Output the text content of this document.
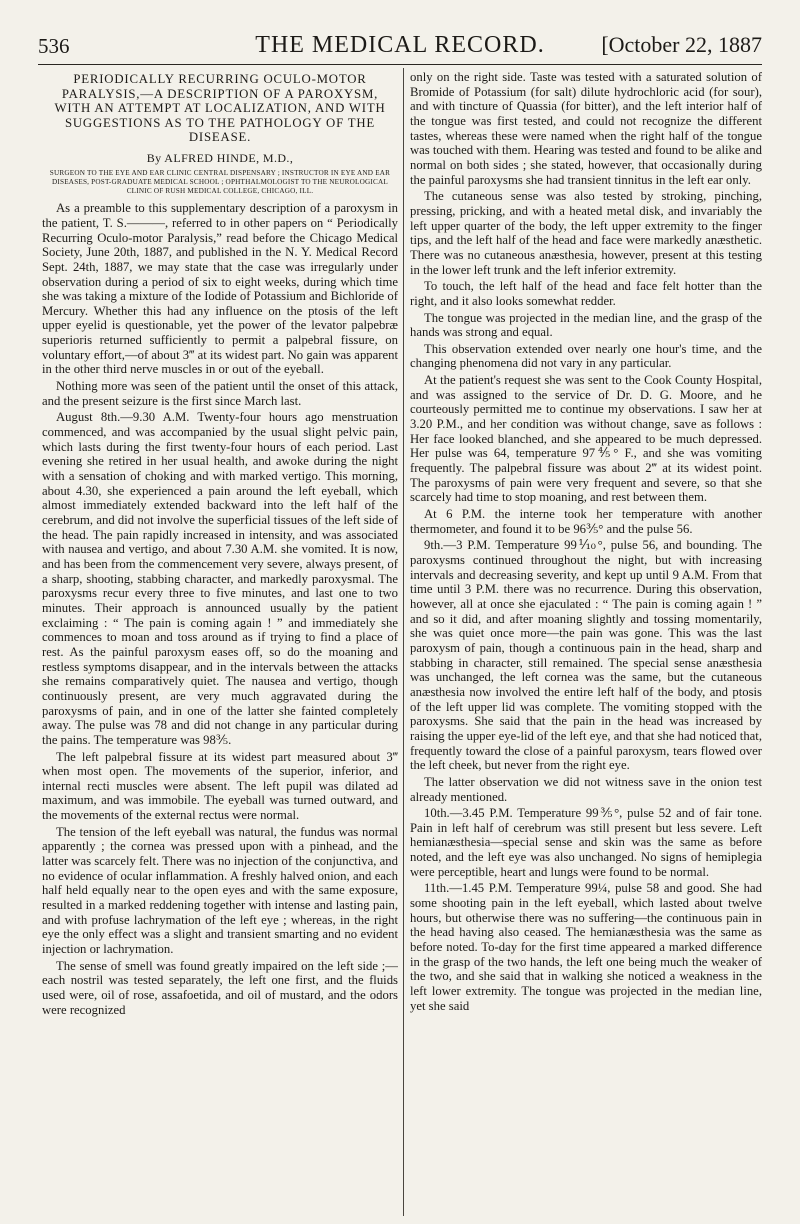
536	THE MEDICAL RECORD.	[October 22, 1887
PERIODICALLY RECURRING OCULO-MOTOR PARALYSIS,—A DESCRIPTION OF A PAROXYSM, WITH AN ATTEMPT AT LOCALIZATION, AND WITH SUGGESTIONS AS TO THE PATHOLOGY OF THE DISEASE.
By ALFRED HINDE, M.D.,
SURGEON TO THE EYE AND EAR CLINIC CENTRAL DISPENSARY ; INSTRUCTOR IN EYE AND EAR DISEASES, POST-GRADUATE MEDICAL SCHOOL ; OPHTHALMOLOGIST TO THE NEUROLOGICAL CLINIC OF RUSH MEDICAL COLLEGE, CHICAGO, ILL.

As a preamble to this supplementary description of a paroxysm in the patient, T. S.———, referred to in other papers on “ Periodically Recurring Oculo-motor Paralysis,” read before the Chicago Medical Society, June 20th, 1887, and published in the N. Y. Medical Record Sept. 24th, 1887, we may state that the case was irregularly under observation during a period of six to eight weeks, during which time she was taking a mixture of the Iodide of Potassium and Bichloride of Mercury. Whether this had any influence on the ptosis of the left upper eyelid is questionable, yet the power of the levator palpebræ superioris returned sufficiently to permit a palpebral fissure, on voluntary effort,—of about 3‴ at its widest part. No gain was apparent in the other third nerve muscles in or out of the eyeball.

Nothing more was seen of the patient until the onset of this attack, and the present seizure is the first since March last.

August 8th.—9.30 A.M. Twenty-four hours ago menstruation commenced, and was accompanied by the usual slight pelvic pain, which lasts during the first twenty-four hours of each period. Last evening she retired in her usual health, and awoke during the night with a sensation of choking and with marked vertigo. This morning, about 4.30, she experienced a pain around the left eyeball, which almost immediately extended backward into the left half of the cerebrum, and did not involve the superficial tissues of the left side of the head. The pain rapidly increased in intensity, and was associated with nausea and vertigo, and about 7.30 A.M. she vomited. It is now, and has been from the commencement very severe, always present, of a sharp, shooting, stabbing character, and markedly paroxysmal. The paroxysms recur every three to five minutes, and last one to two minutes. Their approach is announced usually by the patient exclaiming : “ The pain is coming again ! ” and immediately she commences to moan and toss around as if trying to find a place of rest. As the painful paroxysm eases off, so do the moaning and restless symptoms disappear, and in the intervals between the attacks she remains comparatively quiet. The nausea and vertigo, though continuously present, are very much aggravated during the paroxysms of pain, and in one of the latter she fainted completely away. The pulse was 78 and did not change in any particular during the pains. The temperature was 98⅗.

The left palpebral fissure at its widest part measured about 3‴ when most open. The movements of the superior, inferior, and internal recti muscles were absent. The left pupil was dilated ad maximum, and was immobile. The eyeball was turned outward, and the movements of the external rectus were normal.

The tension of the left eyeball was natural, the fundus was normal apparently ; the cornea was pressed upon with a pinhead, and the latter was scarcely felt. There was no injection of the conjunctiva, and no evidence of ocular inflammation. A freshly halved onion, and each half held equally near to the open eyes and with the same exposure, resulted in a marked reddening together with intense and lasting pain, and with profuse lachrymation of the left eye ; whereas, in the right eye the only effect was a slight and transient smarting and no evident injection or lachrymation.

The sense of smell was found greatly impaired on the left side ;—each nostril was tested separately, the left one first, and the fluids used were, oil of rose, assafoetida, and oil of mustard, and the odors were recognized

only on the right side. Taste was tested with a saturated solution of Bromide of Potassium (for salt) dilute hydrochloric acid (for sour), and with tincture of Quassia (for bitter), and the left interior half of the tongue was first tested, and could not recognize the different tastes, whereas these were named when the right half of the tongue was touched with them. Hearing was tested and found to be alike and normal on both sides ; she stated, however, that occasionally during the painful paroxysms she had transient tinnitus in the left ear only.

The cutaneous sense was also tested by stroking, pinching, pressing, pricking, and with a heated metal disk, and invariably the left upper quarter of the body, the left upper extremity to the finger tips, and the left half of the head and face were markedly anæsthetic. There was no cutaneous anæsthesia, however, present at this testing in the lower left trunk and the left inferior extremity.

To touch, the left half of the head and face felt hotter than the right, and it also looks somewhat redder.

The tongue was projected in the median line, and the grasp of the hands was strong and equal.

This observation extended over nearly one hour's time, and the changing phenomena did not vary in any particular.

At the patient's request she was sent to the Cook County Hospital, and was assigned to the service of Dr. D. G. Moore, and he courteously permitted me to continue my observations. I saw her at 3.20 P.M., and her condition was without change, save as follows : Her face looked blanched, and she appeared to be much depressed. Her pulse was 64, temperature 97⅘° F., and she was vomiting frequently. The palpebral fissure was about 2‴ at its widest point. The paroxysms of pain were very frequent and severe, so that she scarcely had time to stop moaning, and rest between them.

At 6 P.M. the interne took her temperature with another thermometer, and found it to be 96⅗° and the pulse 56.

9th.—3 P.M. Temperature 99⅒°, pulse 56, and bounding. The paroxysms continued throughout the night, but with increasing intervals and decreasing severity, and kept up until 9 A.M. From that time until 3 P.M. there was no recurrence. During this observation, however, all at once she ejaculated : “ The pain is coming again ! ” and so it did, and after moaning slightly and tossing momentarily, she was quiet once more—the pain was gone. This was the last paroxysm of pain, though a continuous pain in the head, sharp and stabbing in character, still remained. The special sense anæsthesia was unchanged, the left cornea was the same, but the cutaneous anæsthesia now involved the entire left half of the body, and ptosis of the left upper lid was complete. The vomiting stopped with the paroxysms. She said that the pain in the head was increased by raising the upper eye-lid of the left eye, and that she had noticed that, frequently toward the close of a painful paroxysm, tears flowed over the left cheek, but never from the right eye.

The latter observation we did not witness save in the onion test already mentioned.

10th.—3.45 P.M. Temperature 99⅗°, pulse 52 and of fair tone. Pain in left half of cerebrum was still present but less severe. Left hemianæsthesia—special sense and skin was the same as before noted, and the left eye was also unchanged. No signs of hemiplegia were perceptible, heart and lungs were found to be normal.

11th.—1.45 P.M. Temperature 99¼, pulse 58 and good. She had some shooting pain in the left eyeball, which lasted about twelve hours, but otherwise there was no suffering—the continuous pain in the head having also ceased. The hemianæsthesia was the same as before noted. To-day for the first time appeared a marked difference in the grasp of the two hands, the left one being much the weaker of the two, and she said that in walking she noticed a weakness in the left lower extremity. The tongue was projected in the median line, yet she said
